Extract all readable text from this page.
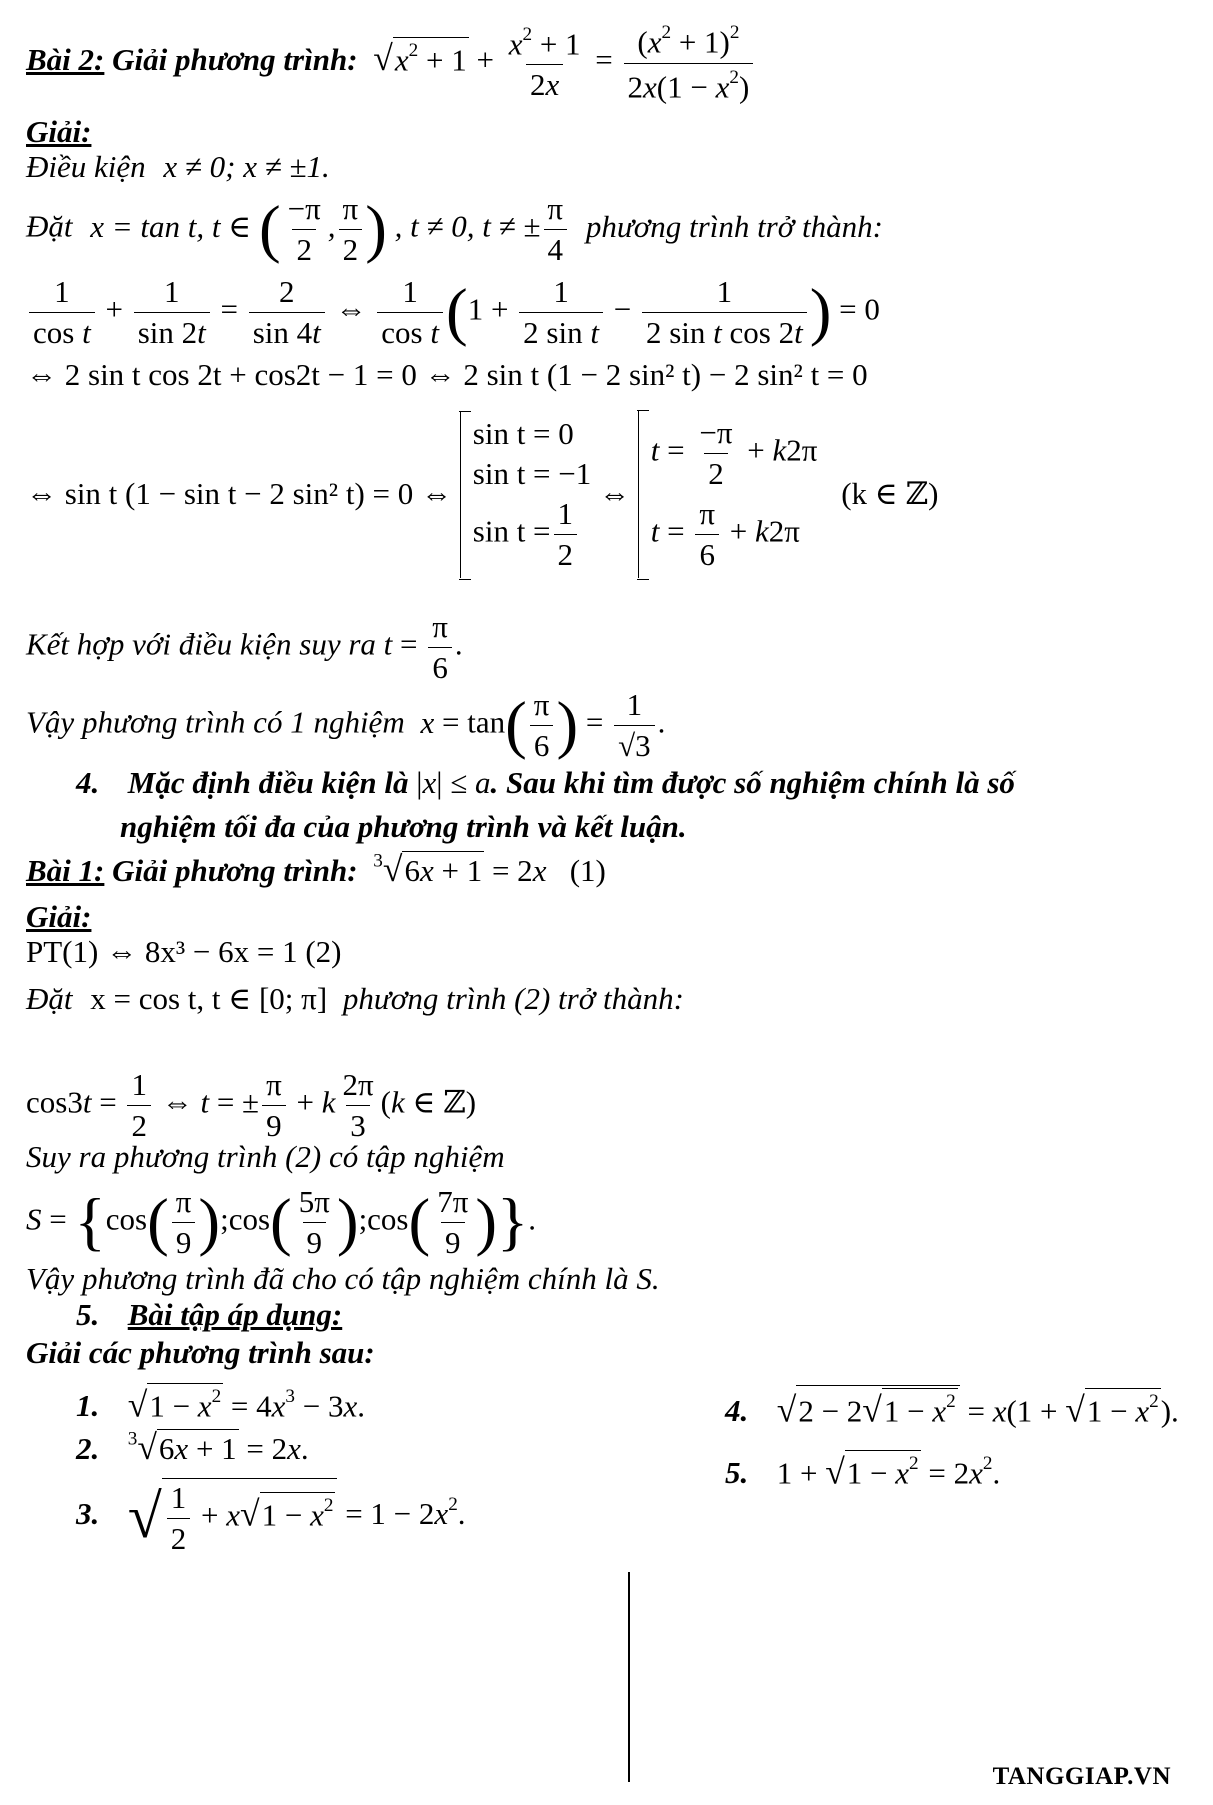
Bài 2: Giải phương trình: $√x^2 + 1 + \frac{x^2 + 1}{2x} = \frac{(x^2 + 1)^2}{2x(1 - x^2)}$
Giải:
Điều kiện x ≠ 0; x ≠ ±1.
Đặt x = tan t, t ∈ ( $\frac{-\pi}{2}$ , $\frac{\pi}{2}$ ) , t ≠ 0, t ≠ ± $\frac{\pi}{4}$ phương trình trở thành:
$\frac{1}{\text{cos t}} + \frac{1}{\sin 2t} = \frac{2}{\sin 4t}$ ⇔ $\frac{1}{\text{cos t}} (1 + \frac{1}{\text{2 sin t}} - \frac{1}{\text{2 sin t cos 2t}}$ ) = 0
⇔ 2 sin t cos 2t + cos2t − 1 = 0 ⇔ 2 sin t (1 − 2 sin² t) − 2 sin² t = 0
⇔ sin t (1 − sin t − 2 sin² t) = 0 ⇔
sin t = 0
sin t = −1
$\sin t = \frac{1}{2}$
⇔
$t = \frac{-\pi}{2} + k2\pi$
$t = \frac{\pi}{6} + k2\pi$
(k ∈ ℤ)
Kết hợp với điều kiện suy ra $t = \frac{\pi}{6}$ .
Vậy phương trình có 1 nghiệm $x = \tan( \frac{\pi}{6}$ ) = $\frac{1}{√3}$ .
4. Mặc định điều kiện là |x| ≤ a. Sau khi tìm được số nghiệm chính là số
nghiệm tối đa của phương trình và kết luận.
Bài 1: Giải phương trình: $^3$√6x + 1 = 2x   (1)
Giải:
PT(1) ⇔ 8x³ − 6x = 1 (2)
Đặt x = cos t, t ∈ [0; π] phương trình (2) trở thành:
$\cos 3t = \frac{1}{2}$ ⇔ t = ± $\frac{\pi}{9} + k \frac{2\pi}{3} (k$ ∈ ℤ)
Suy ra phương trình (2) có tập nghiệm
$S = \{\cos( \frac{\pi}{9}$ );cos( $\frac{5\pi}{9}$ );cos( $\frac{7\pi}{9}$ )}.
Vậy phương trình đã cho có tập nghiệm chính là S.
5. Bài tập áp dụng:
Giải các phương trình sau:
1. $√1 - x^2 = 4x^3 - 3x$.
2. $^3$√6x + 1 = 2x.
3. √ $\frac{1}{2} + x√1 - x^2 = 1 - 2x^2$.
4. $√2 - 2√1 - x^2 = x(1 + √1 - x^2)$.
5. $1 + √1 - x^2 = 2x^2$.
TANGGIAP.VN
